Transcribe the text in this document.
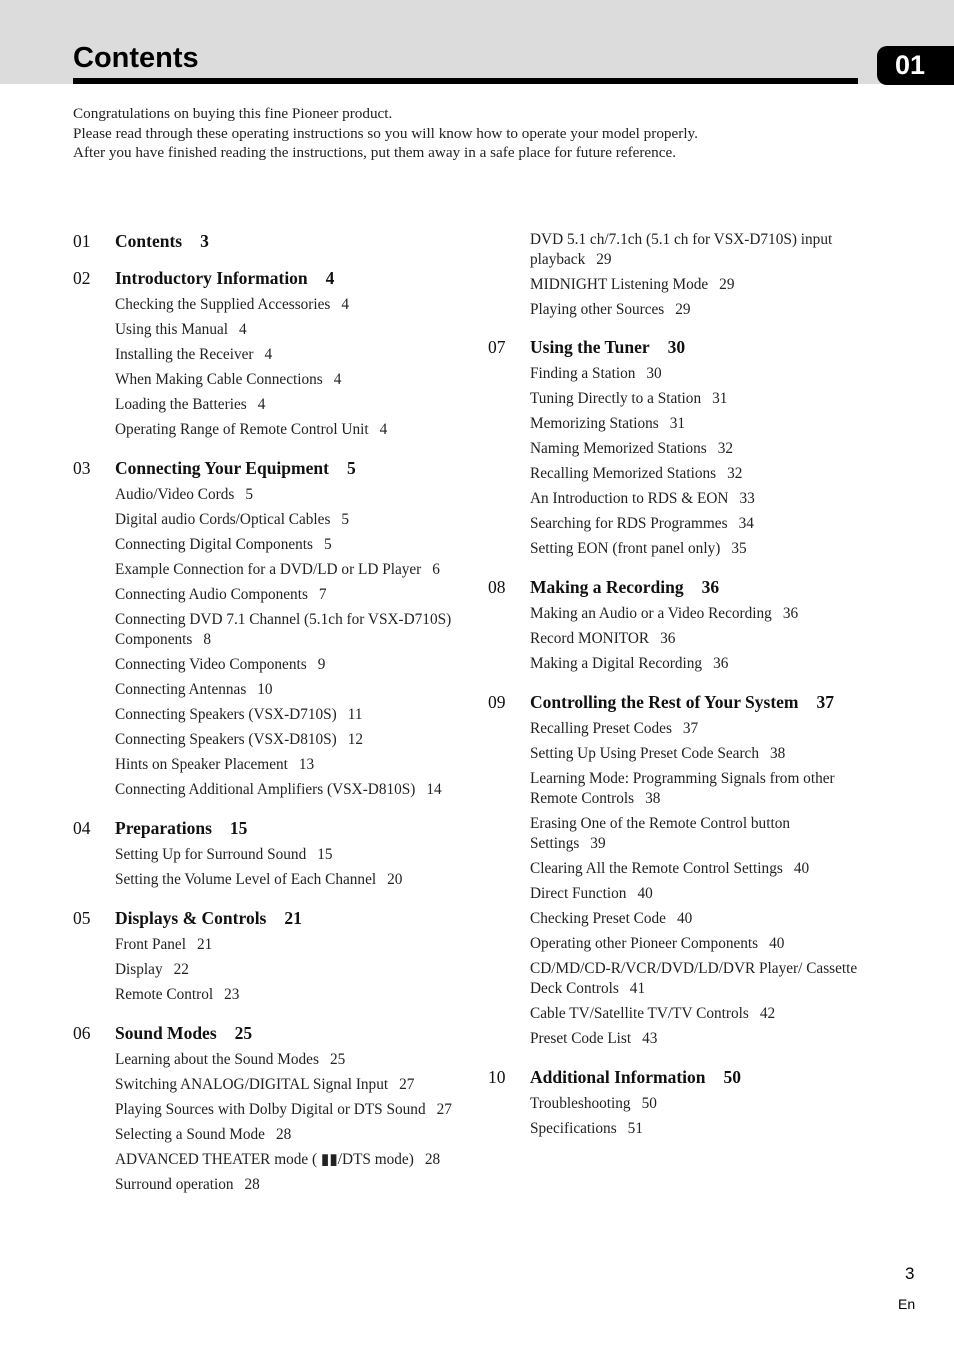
Contents	01

Congratulations on buying this fine Pioneer product.

Please read through these operating instructions so you will know how to operate your model properly. After you have finished reading the instructions, put them away in a safe place for future reference.

01 Contents 3
02 Introductory Information 4
Checking the Supplied Accessories 4
Using this Manual 4
Installing the Receiver 4
When Making Cable Connections 4
Loading the Batteries 4
Operating Range of Remote Control Unit 4
03 Connecting Your Equipment 5
Audio/Video Cords 5
Digital audio Cords/Optical Cables 5
Connecting Digital Components 5
Example Connection for a DVD/LD or LD Player 6
Connecting Audio Components 7
Connecting DVD 7.1 Channel (5.1ch for VSX-D710S) Components 8
Connecting Video Components 9
Connecting Antennas 10
Connecting Speakers (VSX-D710S) 11
Connecting Speakers (VSX-D810S) 12
Hints on Speaker Placement 13
Connecting Additional Amplifiers (VSX-D810S) 14
04 Preparations 15
Setting Up for Surround Sound 15
Setting the Volume Level of Each Channel 20
05 Displays & Controls 21
Front Panel 21
Display 22
Remote Control 23
06 Sound Modes 25
Learning about the Sound Modes 25
Switching ANALOG/DIGITAL Signal Input 27
Playing Sources with Dolby Digital or DTS Sound 27
Selecting a Sound Mode 28
ADVANCED THEATER mode ( ▮▮/DTS mode) 28
Surround operation 28
DVD 5.1 ch/7.1ch (5.1 ch for VSX-D710S) input playback 29
MIDNIGHT Listening Mode 29
Playing other Sources 29
07 Using the Tuner 30
Finding a Station 30
Tuning Directly to a Station 31
Memorizing Stations 31
Naming Memorized Stations 32
Recalling Memorized Stations 32
An Introduction to RDS & EON 33
Searching for RDS Programmes 34
Setting EON (front panel only) 35
08 Making a Recording 36
Making an Audio or a Video Recording 36
Record MONITOR 36
Making a Digital Recording 36
09 Controlling the Rest of Your System 37
Recalling Preset Codes 37
Setting Up Using Preset Code Search 38
Learning Mode: Programming Signals from other Remote Controls 38
Erasing One of the Remote Control button Settings 39
Clearing All the Remote Control Settings 40
Direct Function 40
Checking Preset Code 40
Operating other Pioneer Components 40
CD/MD/CD-R/VCR/DVD/LD/DVR Player/ Cassette Deck Controls 41
Cable TV/Satellite TV/TV Controls 42
Preset Code List 43
10 Additional Information 50
Troubleshooting 50
Specifications 51
3
En
